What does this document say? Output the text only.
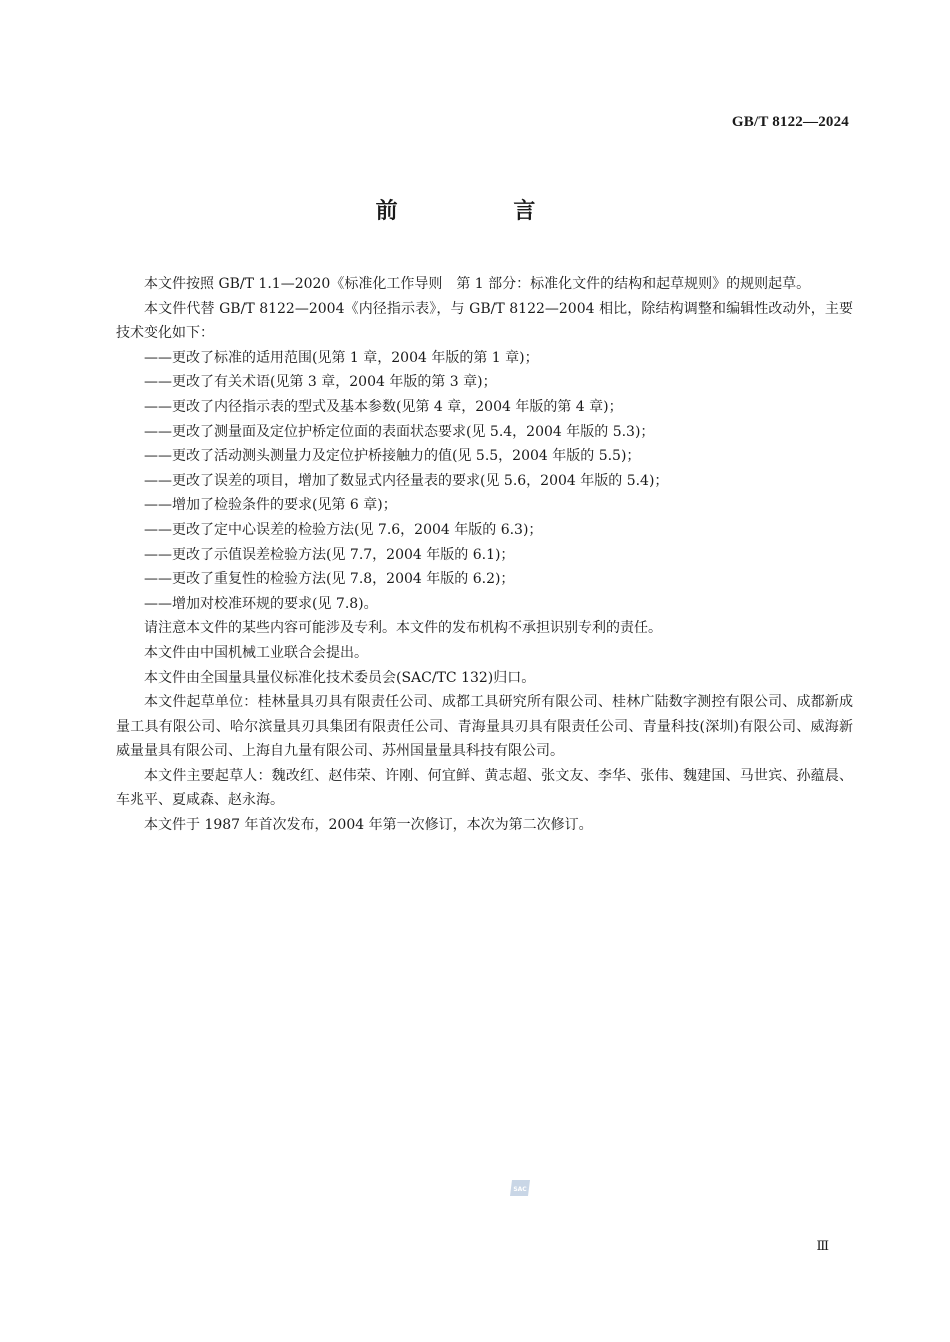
GB/T 8122—2024
前 言

本文件按照 GB/T 1.1—2020《标准化工作导则　第 1 部分：标准化文件的结构和起草规则》的规则起草。

本文件代替 GB/T 8122—2004《内径指示表》，与 GB/T 8122—2004 相比，除结构调整和编辑性改动外，主要技术变化如下：

——更改了标准的适用范围(见第 1 章，2004 年版的第 1 章)；

——更改了有关术语(见第 3 章，2004 年版的第 3 章)；

——更改了内径指示表的型式及基本参数(见第 4 章，2004 年版的第 4 章)；

——更改了测量面及定位护桥定位面的表面状态要求(见 5.4，2004 年版的 5.3)；

——更改了活动测头测量力及定位护桥接触力的值(见 5.5，2004 年版的 5.5)；

——更改了误差的项目，增加了数显式内径量表的要求(见 5.6，2004 年版的 5.4)；

——增加了检验条件的要求(见第 6 章)；

——更改了定中心误差的检验方法(见 7.6，2004 年版的 6.3)；

——更改了示值误差检验方法(见 7.7，2004 年版的 6.1)；

——更改了重复性的检验方法(见 7.8，2004 年版的 6.2)；

——增加对校准环规的要求(见 7.8)。

请注意本文件的某些内容可能涉及专利。本文件的发布机构不承担识别专利的责任。

本文件由中国机械工业联合会提出。

本文件由全国量具量仪标准化技术委员会(SAC/TC 132)归口。

本文件起草单位：桂林量具刃具有限责任公司、成都工具研究所有限公司、桂林广陆数字测控有限公司、成都新成量工具有限公司、哈尔滨量具刃具集团有限责任公司、青海量具刃具有限责任公司、青量科技(深圳)有限公司、威海新威量量具有限公司、上海自九量有限公司、苏州国量量具科技有限公司。

本文件主要起草人：魏改红、赵伟荣、许刚、何宜鲜、黄志超、张文友、李华、张伟、魏建国、马世宾、孙蕴晨、车兆平、夏咸森、赵永海。

本文件于 1987 年首次发布，2004 年第一次修订，本次为第二次修订。

SAC
Ⅲ
